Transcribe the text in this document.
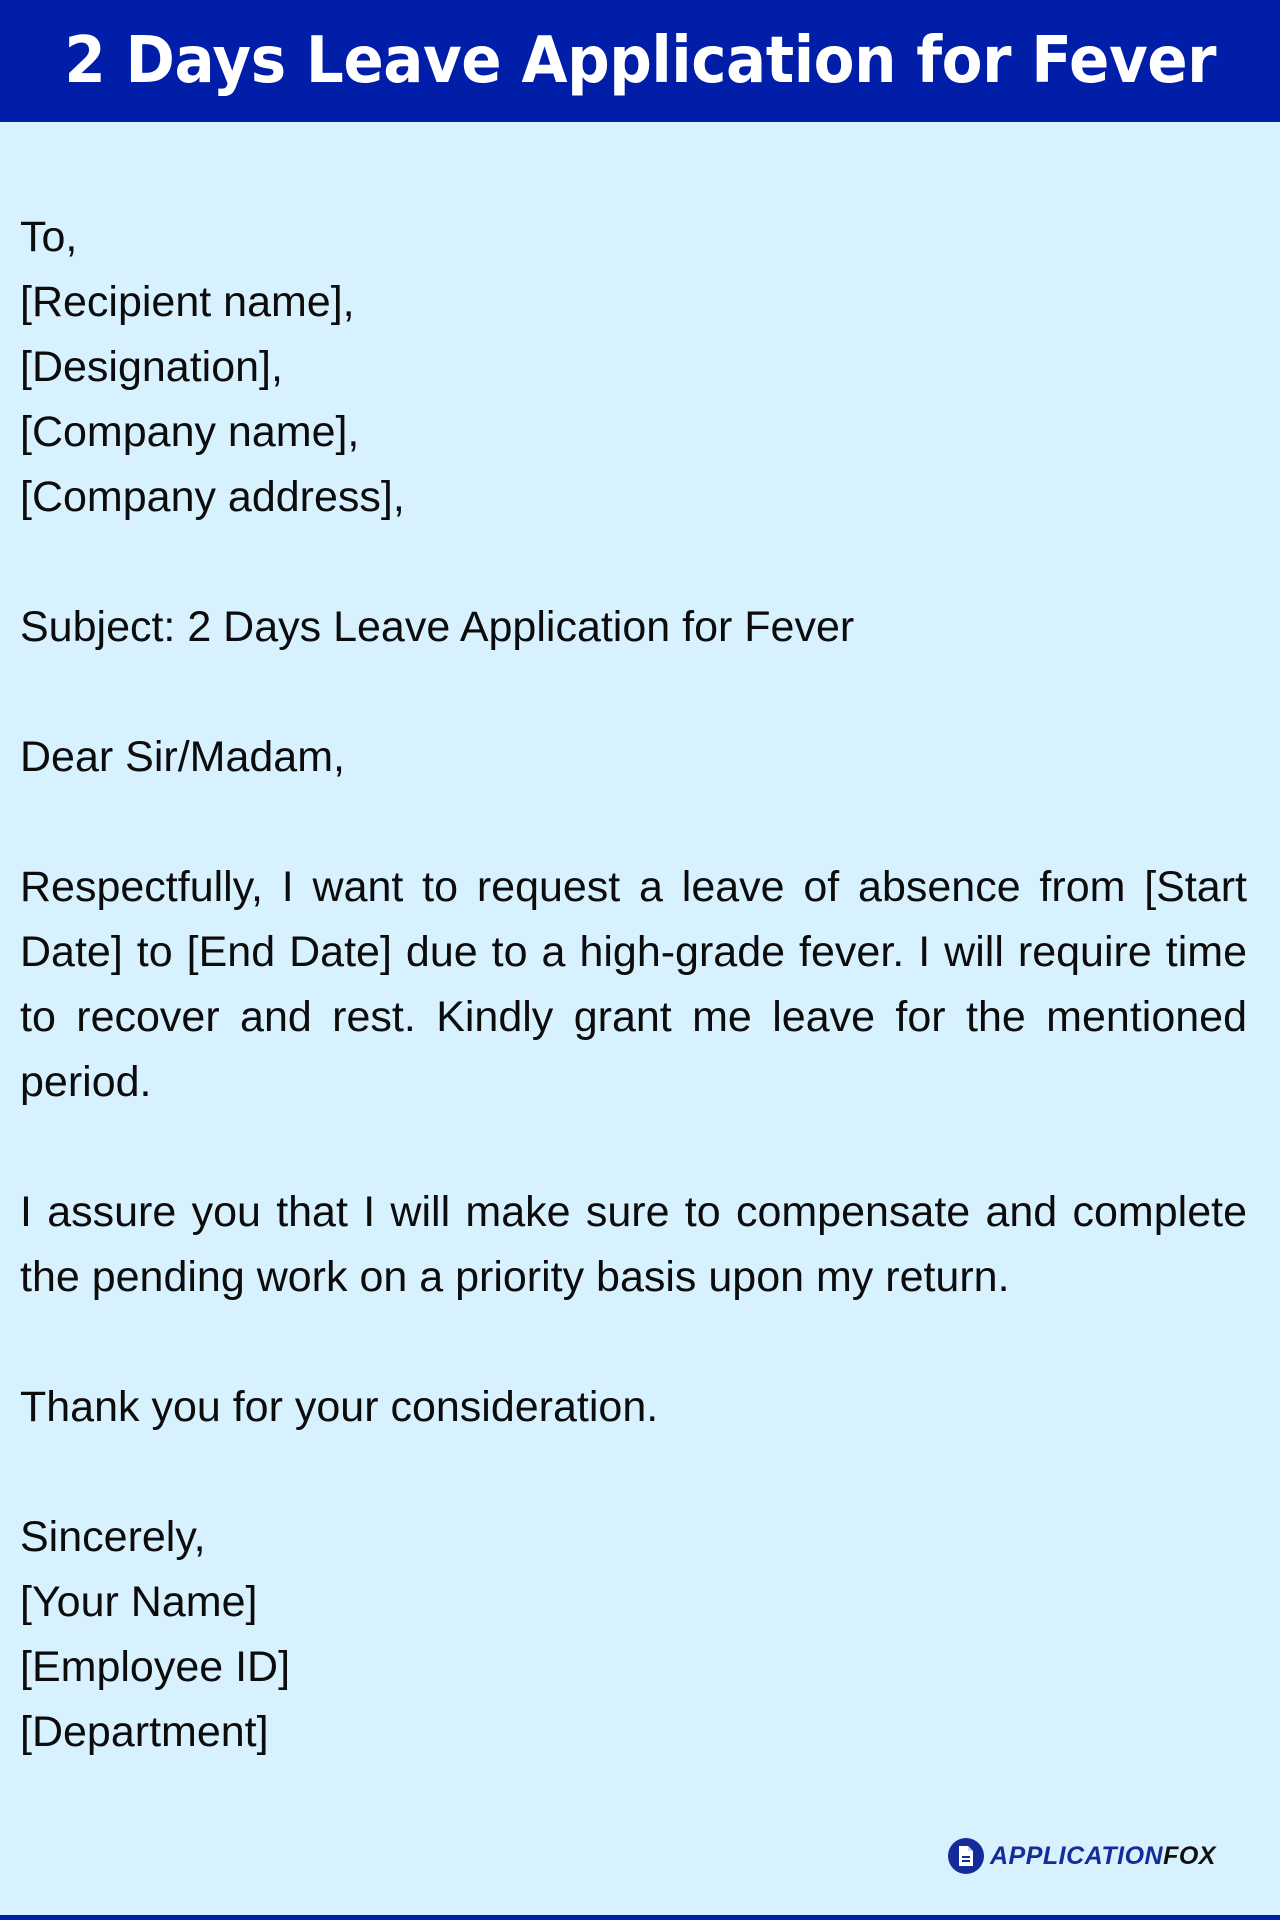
2 Days Leave Application for Fever
To,
[Recipient name],
[Designation],
[Company name],
[Company address],
Subject: 2 Days Leave Application for Fever
Dear Sir/Madam,
Respectfully, I want to request a leave of absence from [Start Date] to [End Date] due to a high-grade fever. I will require time to recover and rest. Kindly grant me leave for the mentioned period.
I assure you that I will make sure to compensate and complete the pending work on a priority basis upon my return.
Thank you for your consideration.
Sincerely,
[Your Name]
[Employee ID]
[Department]
APPLICATIONFOX
